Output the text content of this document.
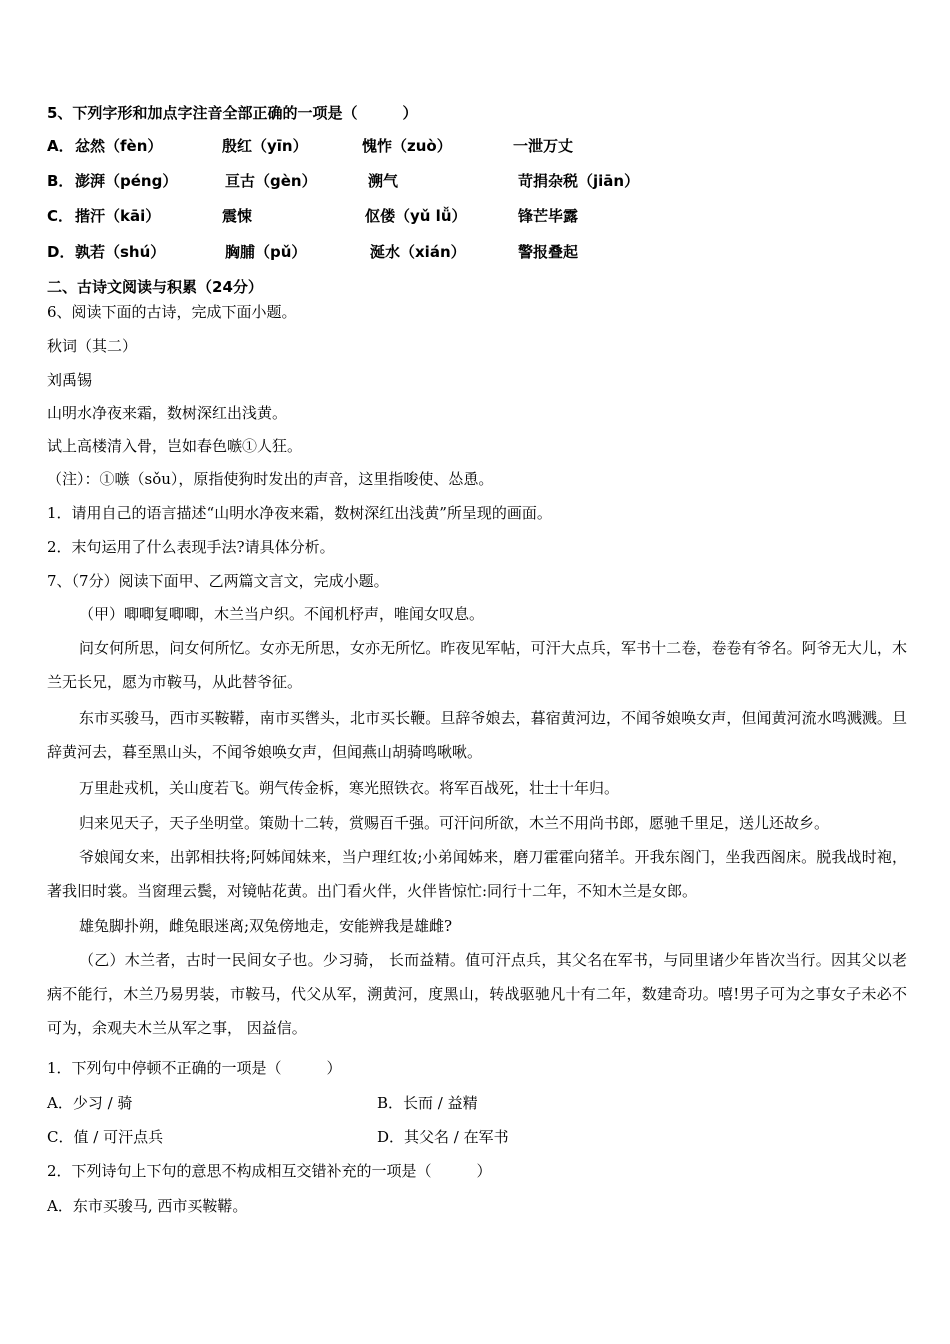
5、下列字形和加点字注音全部正确的一项是（　　　）
A． 忿然（fèn）	殷红（yīn）	愧怍（zuò）	一泄万丈
B． 澎湃（péng）	亘古（gèn）	溯气	苛捐杂税（jiān）
C． 揩汗（kāi）	震悚	伛偻（yǔ lǚ）	锋芒毕露
D． 孰若（shú）	胸脯（pǔ）	涎水（xián）	警报叠起
二、古诗文阅读与积累（24分）
6、阅读下面的古诗，完成下面小题。
秋词（其二）
刘禹锡
山明水净夜来霜，数树深红出浅黄。
试上高楼清入骨，岂如春色嗾①人狂。
（注）：①嗾（sǒu），原指使狗时发出的声音，这里指唆使、怂恿。
1．请用自己的语言描述“山明水净夜来霜，数树深红出浅黄”所呈现的画面。
2．末句运用了什么表现手法?请具体分析。
7、（7分）阅读下面甲、乙两篇文言文，完成小题。
（甲）唧唧复唧唧，木兰当户织。不闻机杼声，唯闻女叹息。
问女何所思，问女何所忆。女亦无所思，女亦无所忆。昨夜见军帖，可汗大点兵，军书十二卷，卷卷有爷名。阿爷无大儿，木兰无长兄，愿为市鞍马，从此替爷征。
东市买骏马，西市买鞍鞯，南市买辔头，北市买长鞭。旦辞爷娘去，暮宿黄河边，不闻爷娘唤女声，但闻黄河流水鸣溅溅。旦辞黄河去，暮至黑山头，不闻爷娘唤女声，但闻燕山胡骑鸣啾啾。
万里赴戎机，关山度若飞。朔气传金柝，寒光照铁衣。将军百战死，壮士十年归。
归来见天子，天子坐明堂。策勋十二转，赏赐百千强。可汗问所欲，木兰不用尚书郎，愿驰千里足，送儿还故乡。
爷娘闻女来，出郭相扶将;阿姊闻妹来，当户理红妆;小弟闻姊来，磨刀霍霍向猪羊。开我东阁门，坐我西阁床。脱我战时袍，著我旧时裳。当窗理云鬓，对镜帖花黄。出门看火伴，火伴皆惊忙:同行十二年，不知木兰是女郎。
雄兔脚扑朔，雌兔眼迷离;双兔傍地走，安能辨我是雄雌?
（乙）木兰者，古时一民间女子也。少习骑， 长而益精。值可汗点兵，其父名在军书，与同里诸少年皆次当行。因其父以老病不能行，木兰乃易男装，市鞍马，代父从军，溯黄河，度黑山，转战驱驰凡十有二年，数建奇功。嘻!男子可为之事女子未必不可为，余观夫木兰从军之事， 因益信。
1．下列句中停顿不正确的一项是（　　　）
A．少习 / 骑	B．长而 / 益精
C．值 / 可汗点兵	D．其父名 / 在军书
2．下列诗句上下句的意思不构成相互交错补充的一项是（　　　）
A．东市买骏马, 西市买鞍鞯。
